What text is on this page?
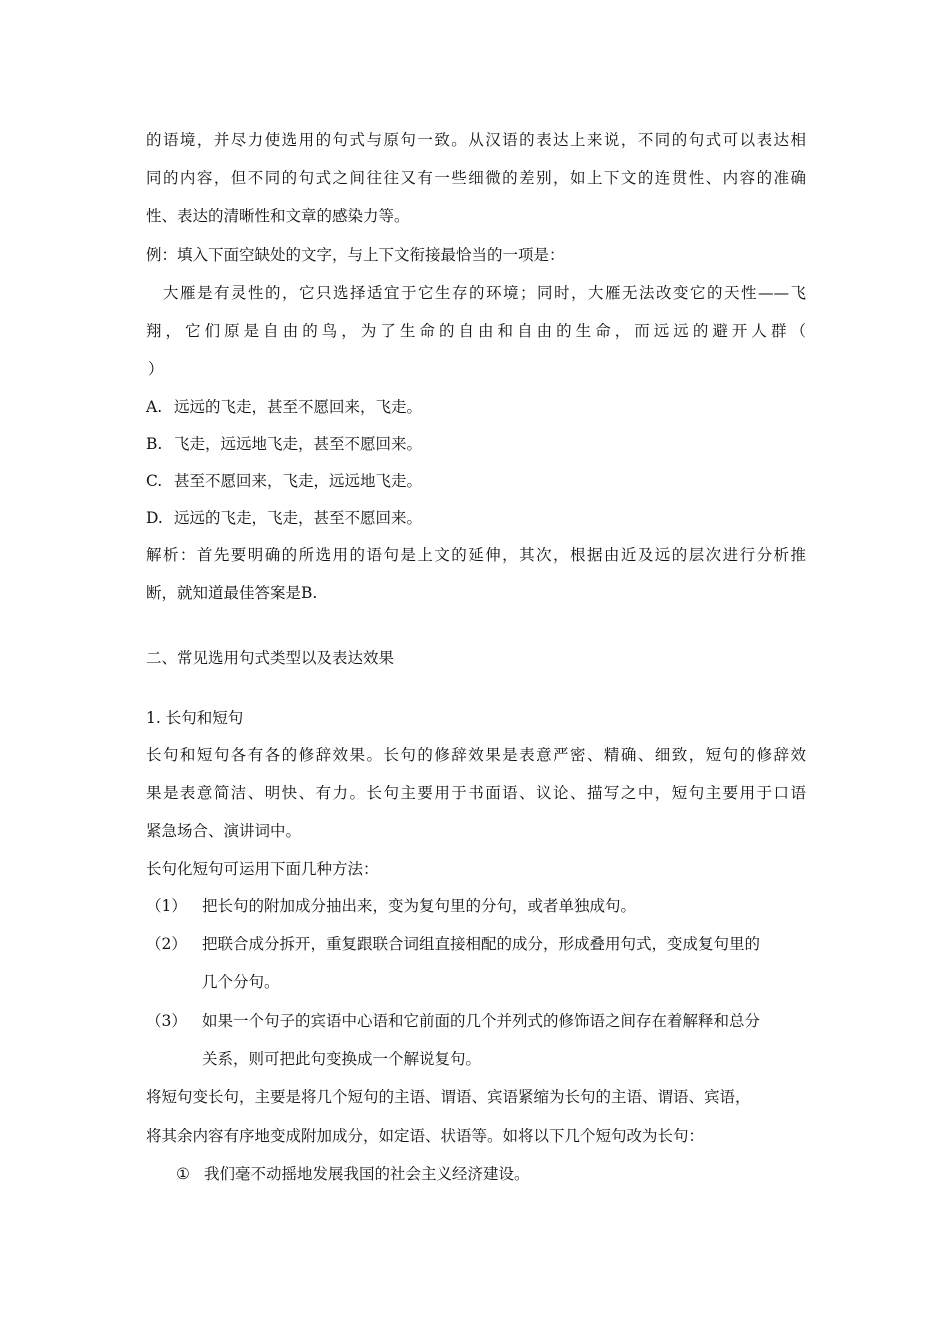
的语境，并尽力使选用的句式与原句一致。从汉语的表达上来说，不同的句式可以表达相

同的内容，但不同的句式之间往往又有一些细微的差别，如上下文的连贯性、内容的准确

性、表达的清晰性和文章的感染力等。

例：填入下面空缺处的文字，与上下文衔接最恰当的一项是：

　大雁是有灵性的，它只选择适宜于它生存的环境；同时，大雁无法改变它的天性——飞

翔，它们原是自由的鸟，为了生命的自由和自由的生命，而远远的避开人群（

）

A. 远远的飞走，甚至不愿回来，飞走。
B. 飞走，远远地飞走，甚至不愿回来。
C. 甚至不愿回来，飞走，远远地飞走。
D. 远远的飞走，飞走，甚至不愿回来。

解析：首先要明确的所选用的语句是上文的延伸，其次，根据由近及远的层次进行分析推

断，就知道最佳答案是B.

二、常见选用句式类型以及表达效果

1. 长句和短句

长句和短句各有各的修辞效果。长句的修辞效果是表意严密、精确、细致，短句的修辞效

果是表意简洁、明快、有力。长句主要用于书面语、议论、描写之中，短句主要用于口语

紧急场合、演讲词中。

长句化短句可运用下面几种方法：

（1） 把长句的附加成分抽出来，变为复句里的分句，或者单独成句。
（2） 把联合成分拆开，重复跟联合词组直接相配的成分，形成叠用句式，变成复句里的
几个分句。
（3） 如果一个句子的宾语中心语和它前面的几个并列式的修饰语之间存在着解释和总分
关系，则可把此句变换成一个解说复句。

将短句变长句，主要是将几个短句的主语、谓语、宾语紧缩为长句的主语、谓语、宾语，

将其余内容有序地变成附加成分，如定语、状语等。如将以下几个短句改为长句：

① 我们毫不动摇地发展我国的社会主义经济建设。
